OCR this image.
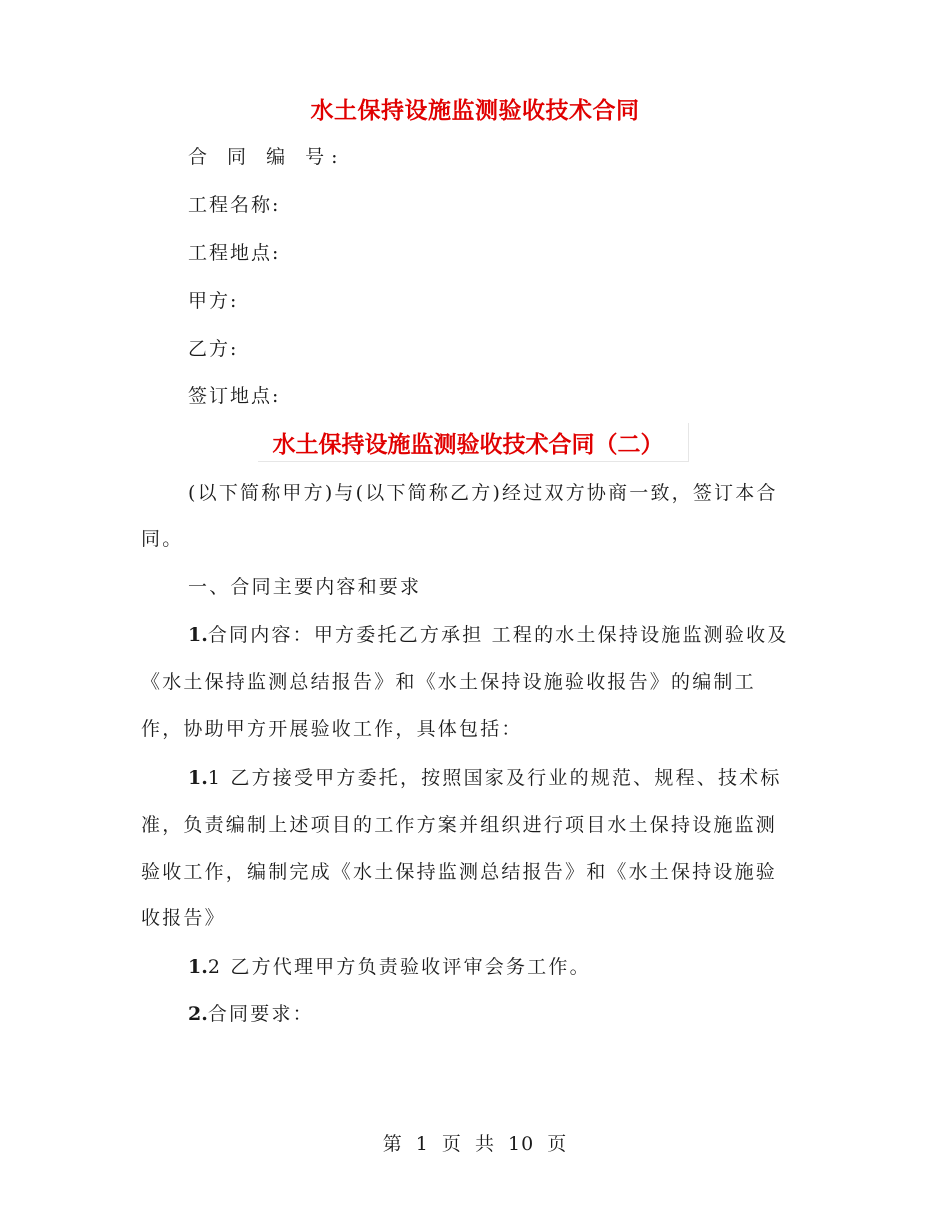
水土保持设施监测验收技术合同
合 同 编 号:
工程名称:
工程地点:
甲方:
乙方:
签订地点:
水土保持设施监测验收技术合同（二）
(以下简称甲方)与(以下简称乙方)经过双方协商一致，签订本合
同。
一、合同主要内容和要求
1.合同内容：甲方委托乙方承担 工程的水土保持设施监测验收及
《水土保持监测总结报告》和《水土保持设施验收报告》的编制工
作，协助甲方开展验收工作，具体包括：
1.1 乙方接受甲方委托，按照国家及行业的规范、规程、技术标
准，负责编制上述项目的工作方案并组织进行项目水土保持设施监测
验收工作，编制完成《水土保持监测总结报告》和《水土保持设施验
收报告》
1.2 乙方代理甲方负责验收评审会务工作。
2.合同要求：
第 1 页 共 10 页
